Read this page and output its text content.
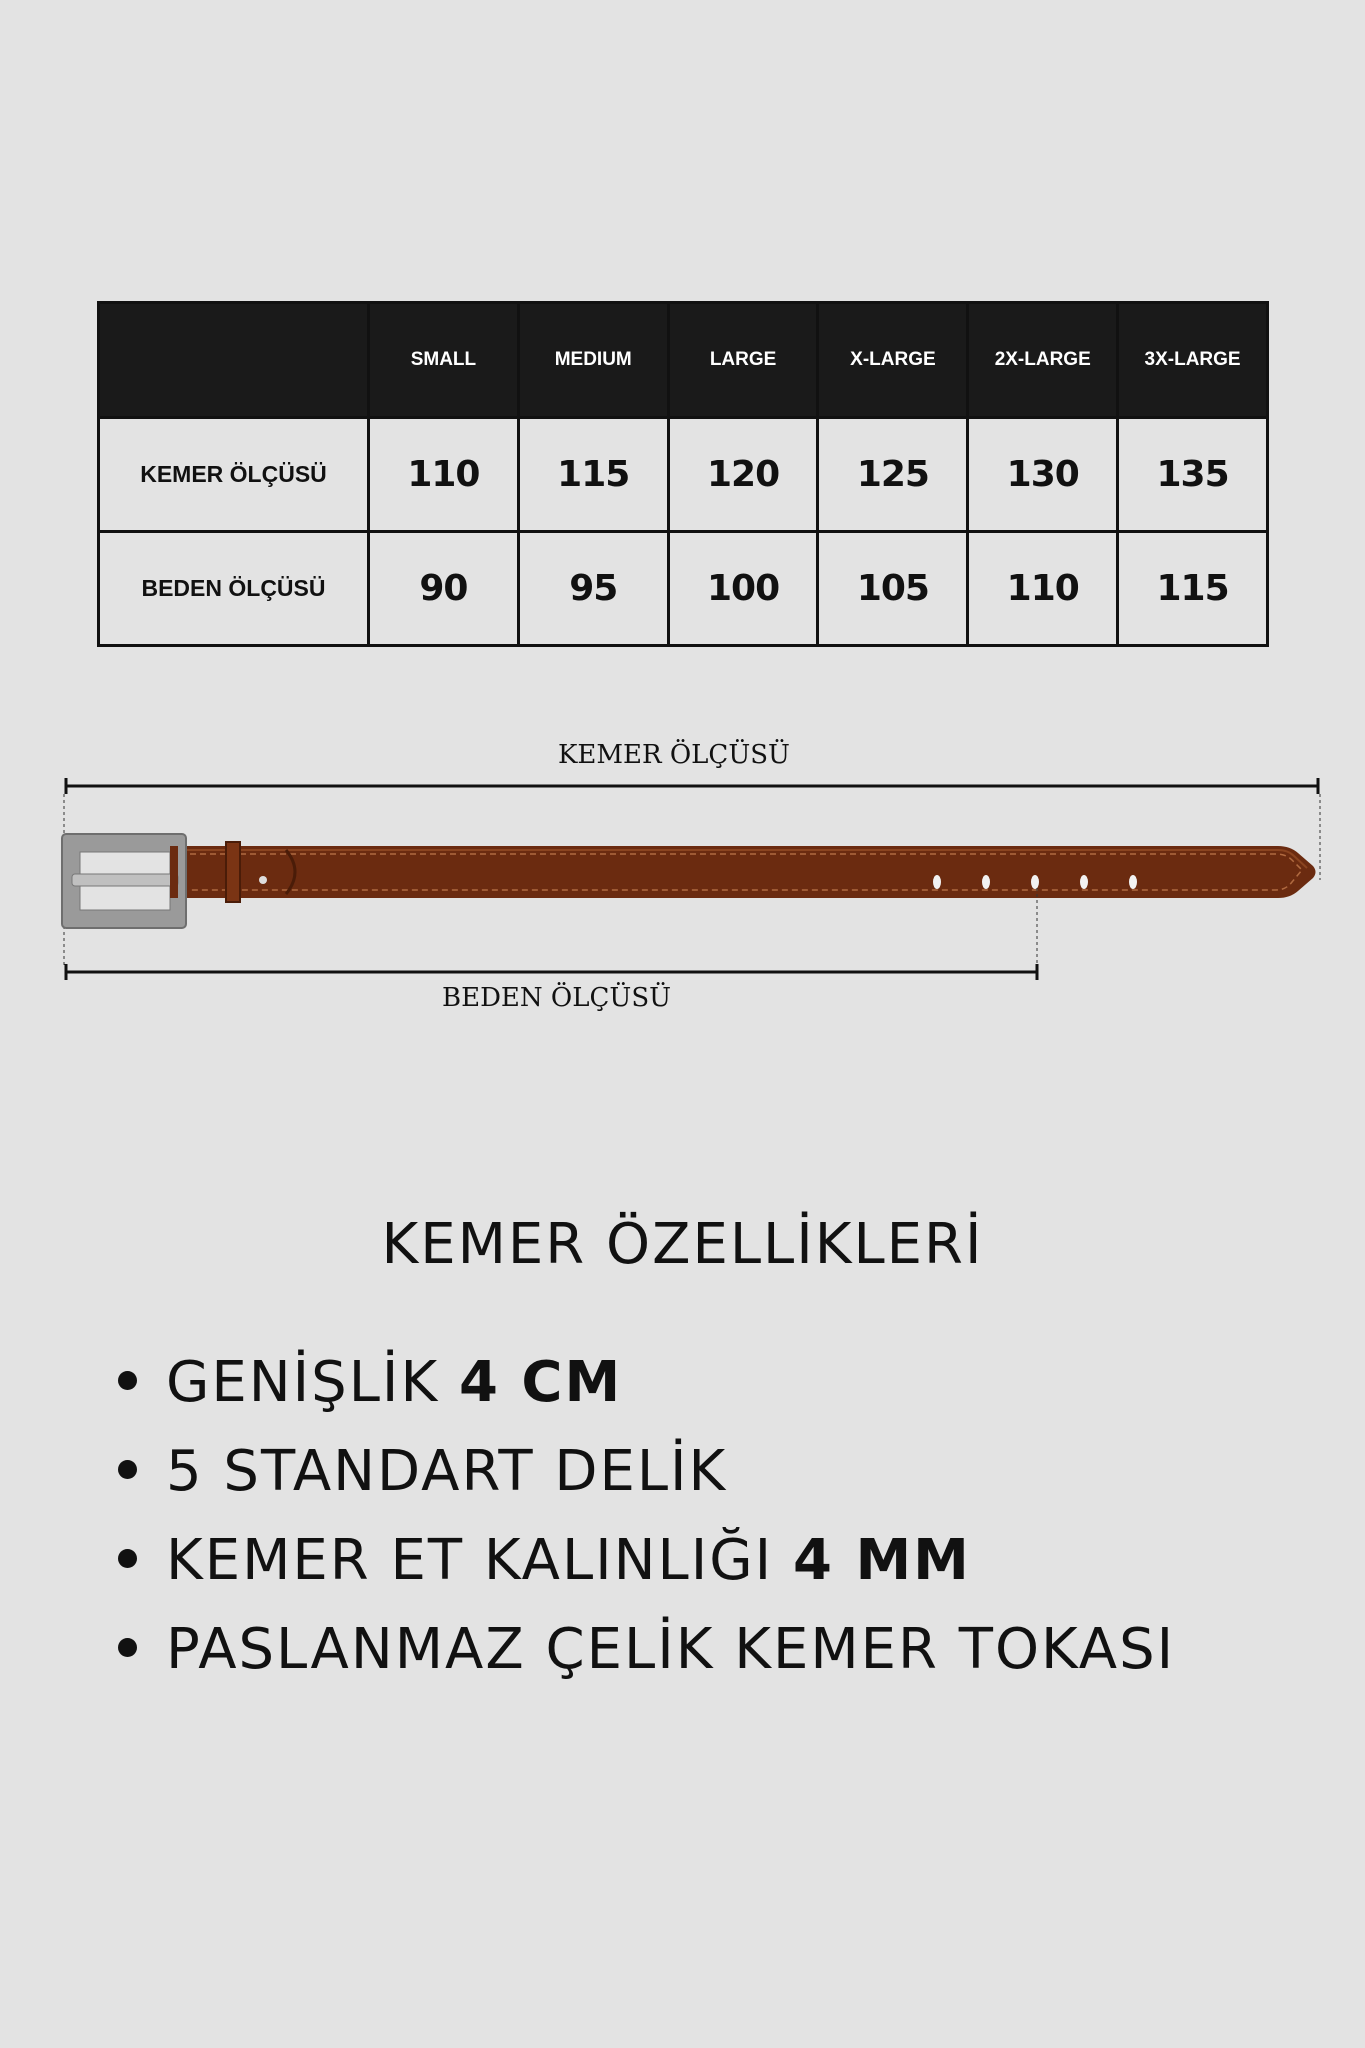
	SMALL	MEDIUM	LARGE	X-LARGE	2X-LARGE	3X-LARGE
KEMER ÖLÇÜSÜ	110	115	120	125	130	135
BEDEN ÖLÇÜSÜ	90	95	100	105	110	115
KEMER ÖLÇÜSÜ
BEDEN ÖLÇÜSÜ
KEMER ÖZELLİKLERİ
GENİŞLİK 4 CM
5 STANDART DELİK
KEMER ET KALINLIĞI 4 MM
PASLANMAZ ÇELİK KEMER TOKASI
